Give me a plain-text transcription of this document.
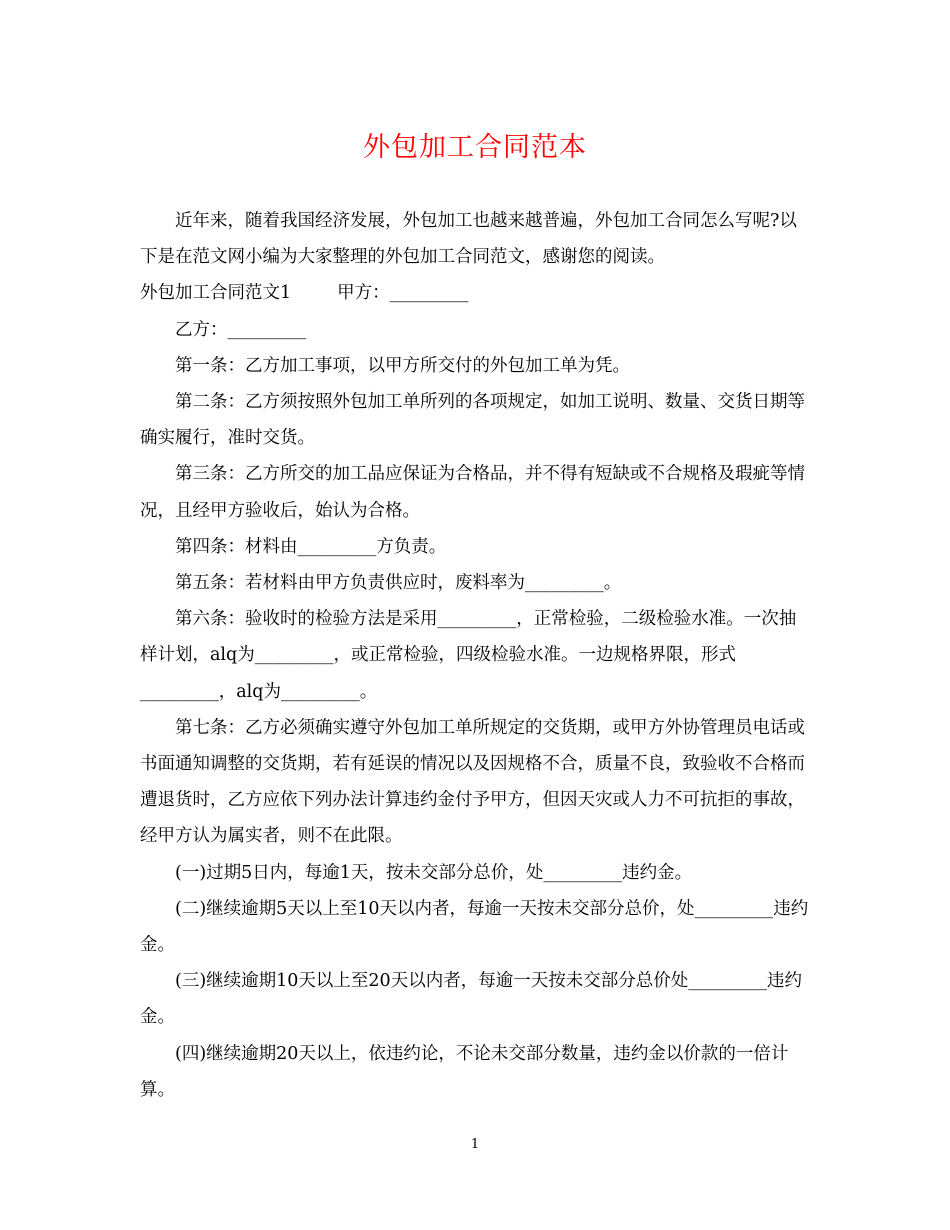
外包加工合同范本

近年来，随着我国经济发展，外包加工也越来越普遍，外包加工合同怎么写呢?以下是在范文网小编为大家整理的外包加工合同范文，感谢您的阅读。

外包加工合同范文1	甲方：_________

乙方：_________

第一条：乙方加工事项，以甲方所交付的外包加工单为凭。

第二条：乙方须按照外包加工单所列的各项规定，如加工说明、数量、交货日期等确实履行，准时交货。

第三条：乙方所交的加工品应保证为合格品，并不得有短缺或不合规格及瑕疵等情况，且经甲方验收后，始认为合格。

第四条：材料由_________方负责。

第五条：若材料由甲方负责供应时，废料率为_________。

第六条：验收时的检验方法是采用_________，正常检验，二级检验水准。一次抽样计划，alq为_________，或正常检验，四级检验水准。一边规格界限，形式_________，alq为_________。

第七条：乙方必须确实遵守外包加工单所规定的交货期，或甲方外协管理员电话或书面通知调整的交货期，若有延误的情况以及因规格不合，质量不良，致验收不合格而遭退货时，乙方应依下列办法计算违约金付予甲方，但因天灾或人力不可抗拒的事故，经甲方认为属实者，则不在此限。

(一)过期5日内，每逾1天，按未交部分总价，处_________违约金。

(二)继续逾期5天以上至10天以内者，每逾一天按未交部分总价，处_________违约金。

(三)继续逾期10天以上至20天以内者，每逾一天按未交部分总价处_________违约金。

(四)继续逾期20天以上，依违约论，不论未交部分数量，违约金以价款的一倍计算。

1
